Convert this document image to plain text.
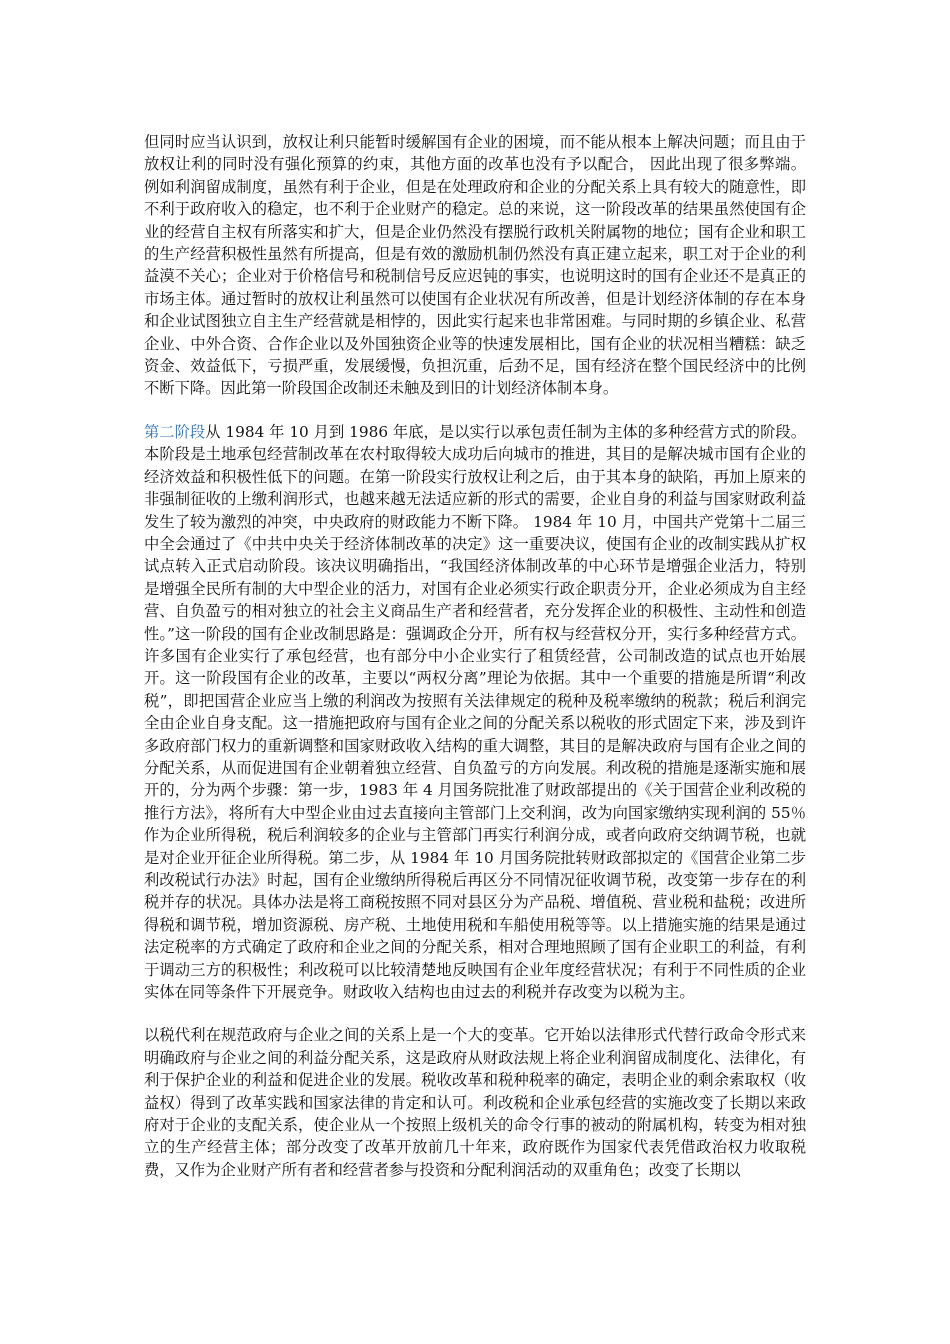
但同时应当认识到，放权让利只能暂时缓解国有企业的困境，而不能从根本上解决问题；而且由于放权让利的同时没有强化预算的约束，其他方面的改革也没有予以配合， 因此出现了很多弊端。例如利润留成制度，虽然有利于企业，但是在处理政府和企业的分配关系上具有较大的随意性，即不利于政府收入的稳定，也不利于企业财产的稳定。总的来说，这一阶段改革的结果虽然使国有企业的经营自主权有所落实和扩大，但是企业仍然没有摆脱行政机关附属物的地位；国有企业和职工的生产经营积极性虽然有所提高，但是有效的激励机制仍然没有真正建立起来，职工对于企业的利益漠不关心；企业对于价格信号和税制信号反应迟钝的事实，也说明这时的国有企业还不是真正的市场主体。通过暂时的放权让利虽然可以使国有企业状况有所改善，但是计划经济体制的存在本身和企业试图独立自主生产经营就是相悖的，因此实行起来也非常困难。与同时期的乡镇企业、私营企业、中外合资、合作企业以及外国独资企业等的快速发展相比，国有企业的状况相当糟糕：缺乏资金、效益低下，亏损严重，发展缓慢，负担沉重，后劲不足，国有经济在整个国民经济中的比例不断下降。因此第一阶段国企改制还未触及到旧的计划经济体制本身。

第二阶段从 1984 年 10 月到 1986 年底，是以实行以承包责任制为主体的多种经营方式的阶段。本阶段是土地承包经营制改革在农村取得较大成功后向城市的推进，其目的是解决城市国有企业的经济效益和积极性低下的问题。在第一阶段实行放权让利之后，由于其本身的缺陷，再加上原来的非强制征收的上缴利润形式，也越来越无法适应新的形式的需要，企业自身的利益与国家财政利益发生了较为激烈的冲突，中央政府的财政能力不断下降。 1984 年 10 月，中国共产党第十二届三中全会通过了《中共中央关于经济体制改革的决定》这一重要决议，使国有企业的改制实践从扩权试点转入正式启动阶段。该决议明确指出，“我国经济体制改革的中心环节是增强企业活力，特别是增强全民所有制的大中型企业的活力，对国有企业必须实行政企职责分开，企业必须成为自主经营、自负盈亏的相对独立的社会主义商品生产者和经营者，充分发挥企业的积极性、主动性和创造性。”这一阶段的国有企业改制思路是：强调政企分开，所有权与经营权分开，实行多种经营方式。许多国有企业实行了承包经营，也有部分中小企业实行了租赁经营，公司制改造的试点也开始展开。这一阶段国有企业的改革，主要以“两权分离”理论为依据。其中一个重要的措施是所谓“利改税”，即把国营企业应当上缴的利润改为按照有关法律规定的税种及税率缴纳的税款；税后利润完全由企业自身支配。这一措施把政府与国有企业之间的分配关系以税收的形式固定下来，涉及到许多政府部门权力的重新调整和国家财政收入结构的重大调整，其目的是解决政府与国有企业之间的分配关系，从而促进国有企业朝着独立经营、自负盈亏的方向发展。利改税的措施是逐渐实施和展开的，分为两个步骤：第一步，1983 年 4 月国务院批准了财政部提出的《关于国营企业利改税的推行方法》，将所有大中型企业由过去直接向主管部门上交利润，改为向国家缴纳实现利润的 55％作为企业所得税，税后利润较多的企业与主管部门再实行利润分成，或者向政府交纳调节税，也就是对企业开征企业所得税。第二步，从 1984 年 10 月国务院批转财政部拟定的《国营企业第二步利改税试行办法》时起，国有企业缴纳所得税后再区分不同情况征收调节税，改变第一步存在的利税并存的状况。具体办法是将工商税按照不同对县区分为产品税、增值税、营业税和盐税；改进所得税和调节税，增加资源税、房产税、土地使用税和车船使用税等等。以上措施实施的结果是通过法定税率的方式确定了政府和企业之间的分配关系，相对合理地照顾了国有企业职工的利益，有利于调动三方的积极性；利改税可以比较清楚地反映国有企业年度经营状况；有利于不同性质的企业实体在同等条件下开展竞争。财政收入结构也由过去的利税并存改变为以税为主。

以税代利在规范政府与企业之间的关系上是一个大的变革。它开始以法律形式代替行政命令形式来明确政府与企业之间的利益分配关系，这是政府从财政法规上将企业利润留成制度化、法律化，有利于保护企业的利益和促进企业的发展。税收改革和税种税率的确定，表明企业的剩余索取权（收益权）得到了改革实践和国家法律的肯定和认可。利改税和企业承包经营的实施改变了长期以来政府对于企业的支配关系，使企业从一个按照上级机关的命令行事的被动的附属机构，转变为相对独立的生产经营主体；部分改变了改革开放前几十年来，政府既作为国家代表凭借政治权力收取税费，又作为企业财产所有者和经营者参与投资和分配利润活动的双重角色；改变了长期以
